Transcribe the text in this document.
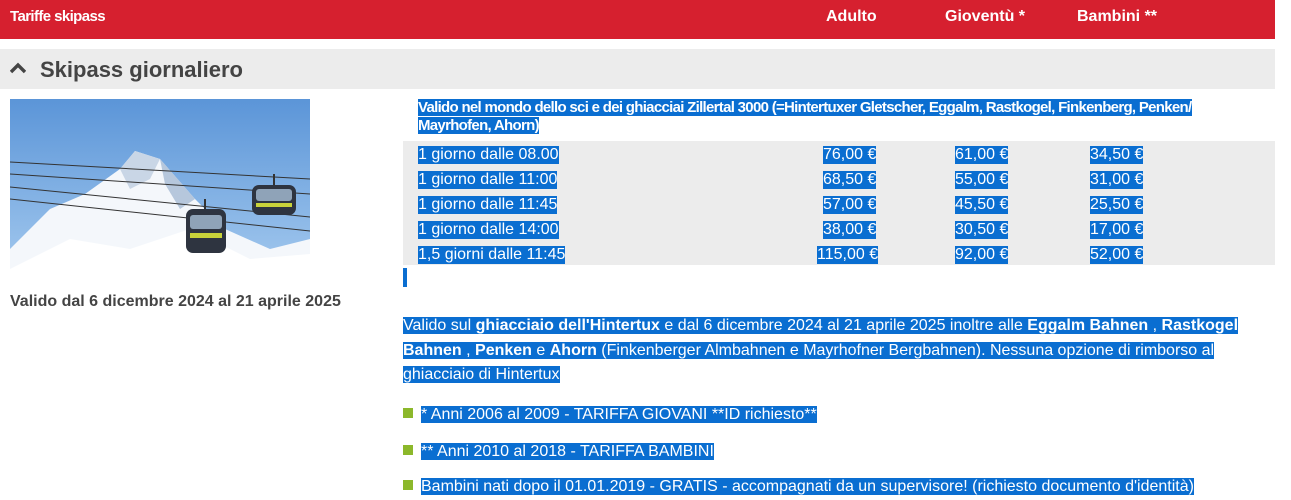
Tariffe skipass	Adulto	Gioventù *	Bambini **
Skipass giornaliero
Valido dal 6 dicembre 2024 al 21 aprile 2025
Valido nel mondo dello sci e dei ghiacciai Zillertal 3000 (=Hintertuxer Gletscher, Eggalm, Rastkogel, Finkenberg, Penken/ Mayrhofen, Ahorn)
1 giorno dalle 08.00	76,00 €	61,00 €	34,50 €
1 giorno dalle 11:00	68,50 €	55,00 €	31,00 €
1 giorno dalle 11:45	57,00 €	45,50 €	25,50 €
1 giorno dalle 14:00	38,00 €	30,50 €	17,00 €
1,5 giorni dalle 11:45	115,00 €	92,00 €	52,00 €
Valido sul ghiacciaio dell'Hintertux e dal 6 dicembre 2024 al 21 aprile 2025 inoltre alle Eggalm Bahnen , Rastkogel Bahnen , Penken e Ahorn (Finkenberger Almbahnen e Mayrhofner Bergbahnen). Nessuna opzione di rimborso al ghiacciaio di Hintertux
* Anni 2006 al 2009 - TARIFFA GIOVANI **ID richiesto**
** Anni 2010 al 2018 - TARIFFA BAMBINI
Bambini nati dopo il 01.01.2019 - GRATIS - accompagnati da un supervisore! (richiesto documento d'identità)
